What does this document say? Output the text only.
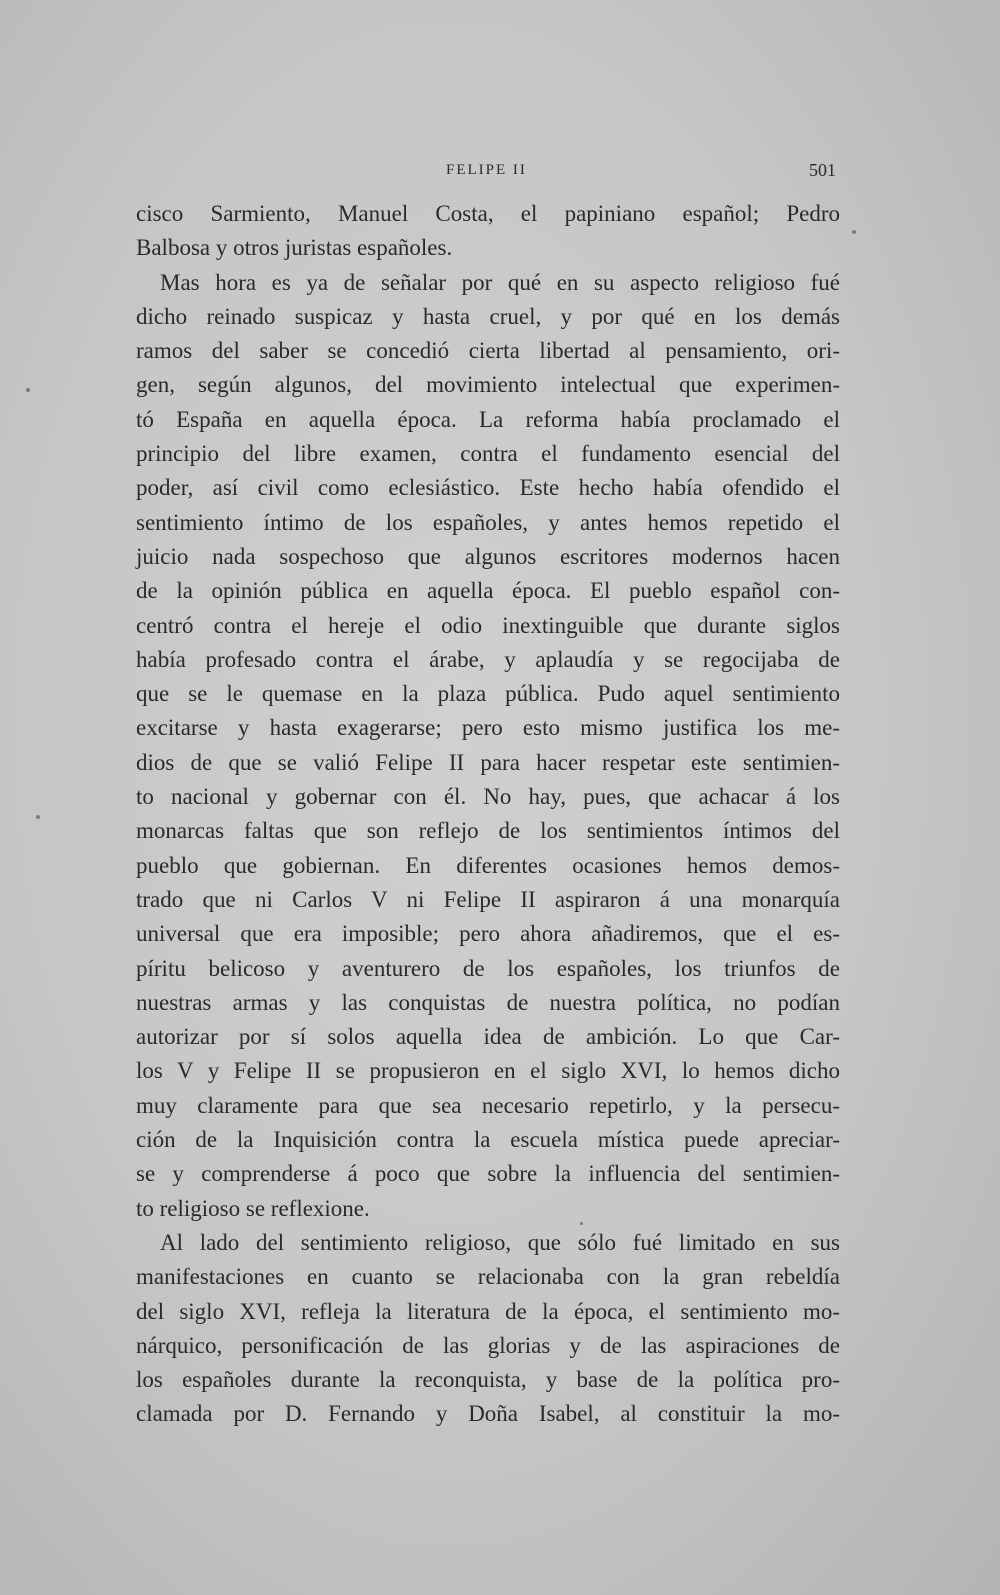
FELIPE II	501
cisco Sarmiento, Manuel Costa, el papiniano español; Pedro
Balbosa y otros juristas españoles.
Mas hora es ya de señalar por qué en su aspecto religioso fué
dicho reinado suspicaz y hasta cruel, y por qué en los demás
ramos del saber se concedió cierta libertad al pensamiento, ori-
gen, según algunos, del movimiento intelectual que experimen-
tó España en aquella época. La reforma había proclamado el
principio del libre examen, contra el fundamento esencial del
poder, así civil como eclesiástico. Este hecho había ofendido el
sentimiento íntimo de los españoles, y antes hemos repetido el
juicio nada sospechoso que algunos escritores modernos hacen
de la opinión pública en aquella época. El pueblo español con-
centró contra el hereje el odio inextinguible que durante siglos
había profesado contra el árabe, y aplaudía y se regocijaba de
que se le quemase en la plaza pública. Pudo aquel sentimiento
excitarse y hasta exagerarse; pero esto mismo justifica los me-
dios de que se valió Felipe II para hacer respetar este sentimien-
to nacional y gobernar con él. No hay, pues, que achacar á los
monarcas faltas que son reflejo de los sentimientos íntimos del
pueblo que gobiernan. En diferentes ocasiones hemos demos-
trado que ni Carlos V ni Felipe II aspiraron á una monarquía
universal que era imposible; pero ahora añadiremos, que el es-
píritu belicoso y aventurero de los españoles, los triunfos de
nuestras armas y las conquistas de nuestra política, no podían
autorizar por sí solos aquella idea de ambición. Lo que Car-
los V y Felipe II se propusieron en el siglo XVI, lo hemos dicho
muy claramente para que sea necesario repetirlo, y la persecu-
ción de la Inquisición contra la escuela mística puede apreciar-
se y comprenderse á poco que sobre la influencia del sentimien-
to religioso se reflexione.
Al lado del sentimiento religioso, que sólo fué limitado en sus
manifestaciones en cuanto se relacionaba con la gran rebeldía
del siglo XVI, refleja la literatura de la época, el sentimiento mo-
nárquico, personificación de las glorias y de las aspiraciones de
los españoles durante la reconquista, y base de la política pro-
clamada por D. Fernando y Doña Isabel, al constituir la mo-
